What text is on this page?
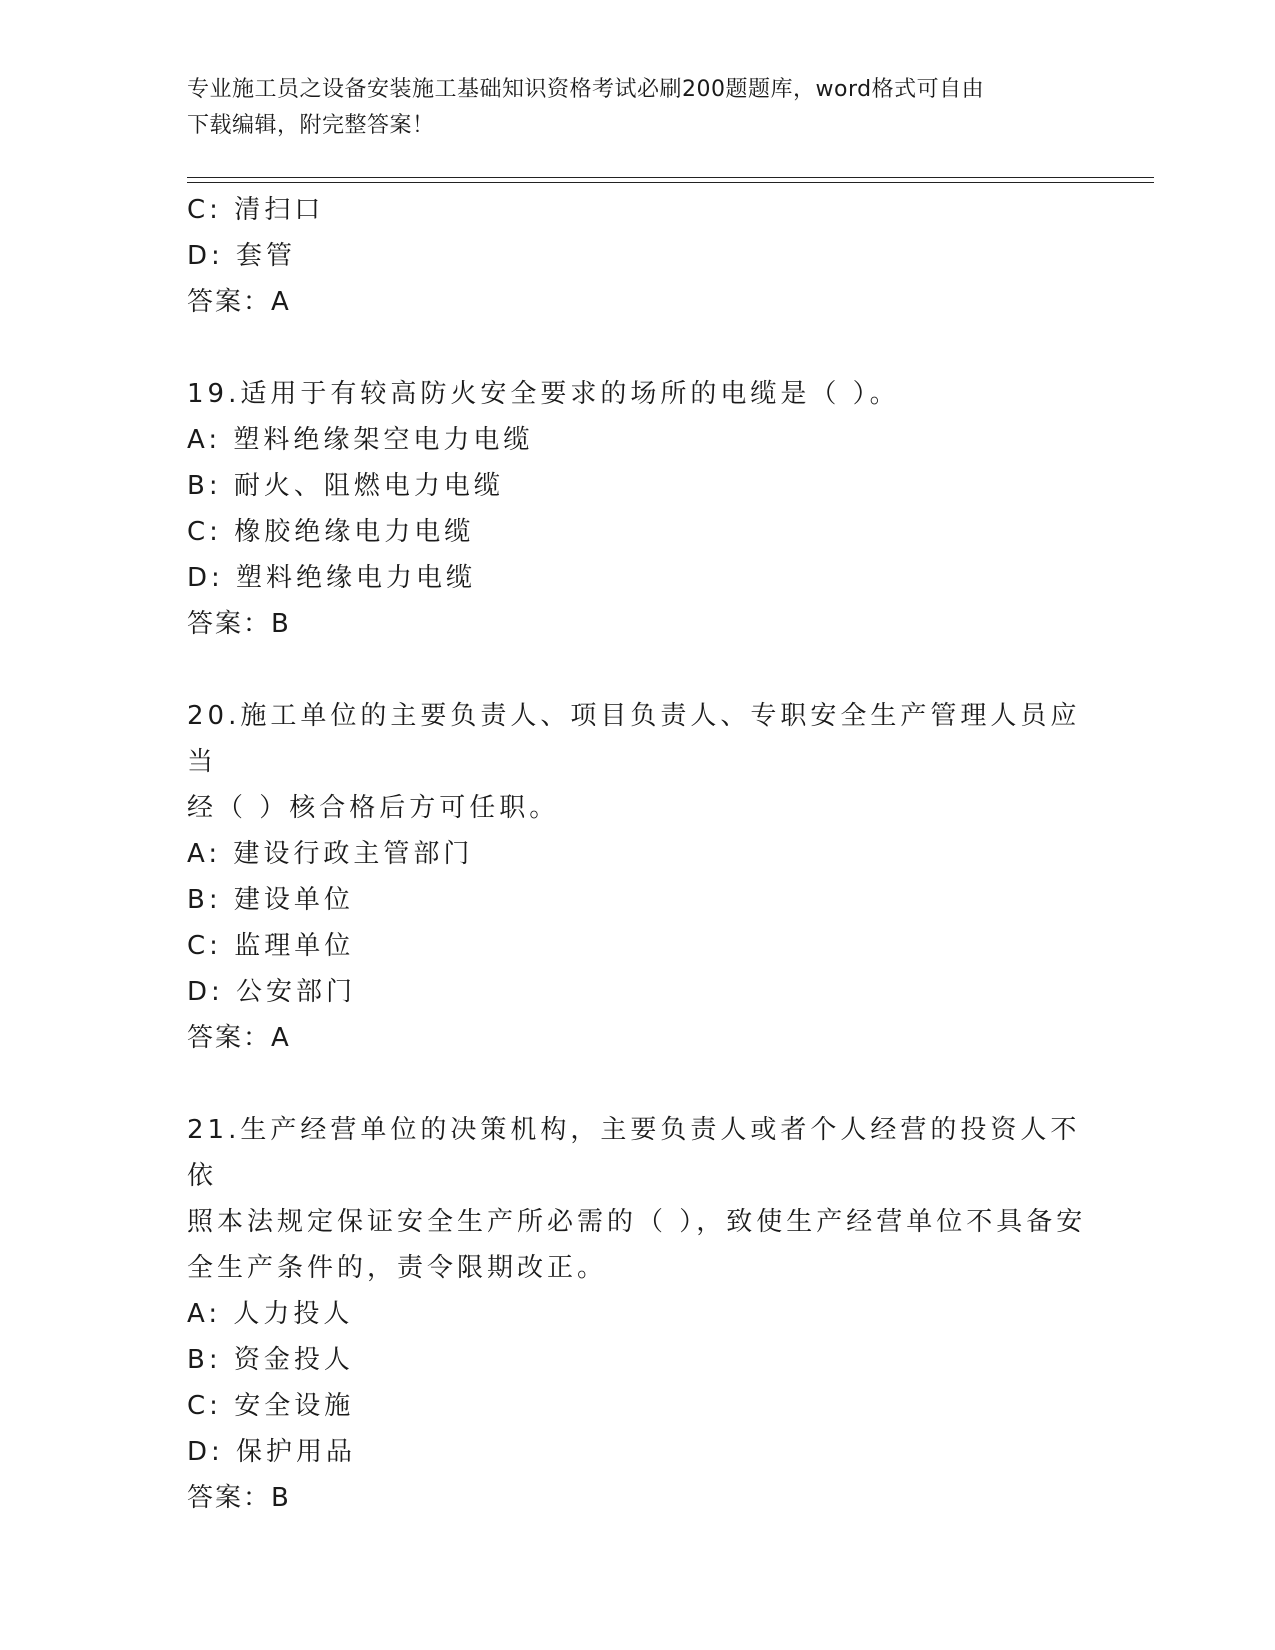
专业施工员之设备安装施工基础知识资格考试必刷200题题库，word格式可自由
下载编辑，附完整答案！
C: 清扫口
D: 套管
答案：A
19.适用于有较高防火安全要求的场所的电缆是（ ）。
A: 塑料绝缘架空电力电缆
B: 耐火、阻燃电力电缆
C: 橡胶绝缘电力电缆
D: 塑料绝缘电力电缆
答案：B
20.施工单位的主要负责人、项目负责人、专职安全生产管理人员应当
经（ ）核合格后方可任职。
A: 建设行政主管部门
B: 建设单位
C: 监理单位
D: 公安部门
答案：A
21.生产经营单位的决策机构，主要负责人或者个人经营的投资人不依
照本法规定保证安全生产所必需的（ ），致使生产经营单位不具备安
全生产条件的，责令限期改正。
A: 人力投人
B: 资金投人
C: 安全设施
D: 保护用品
答案：B
